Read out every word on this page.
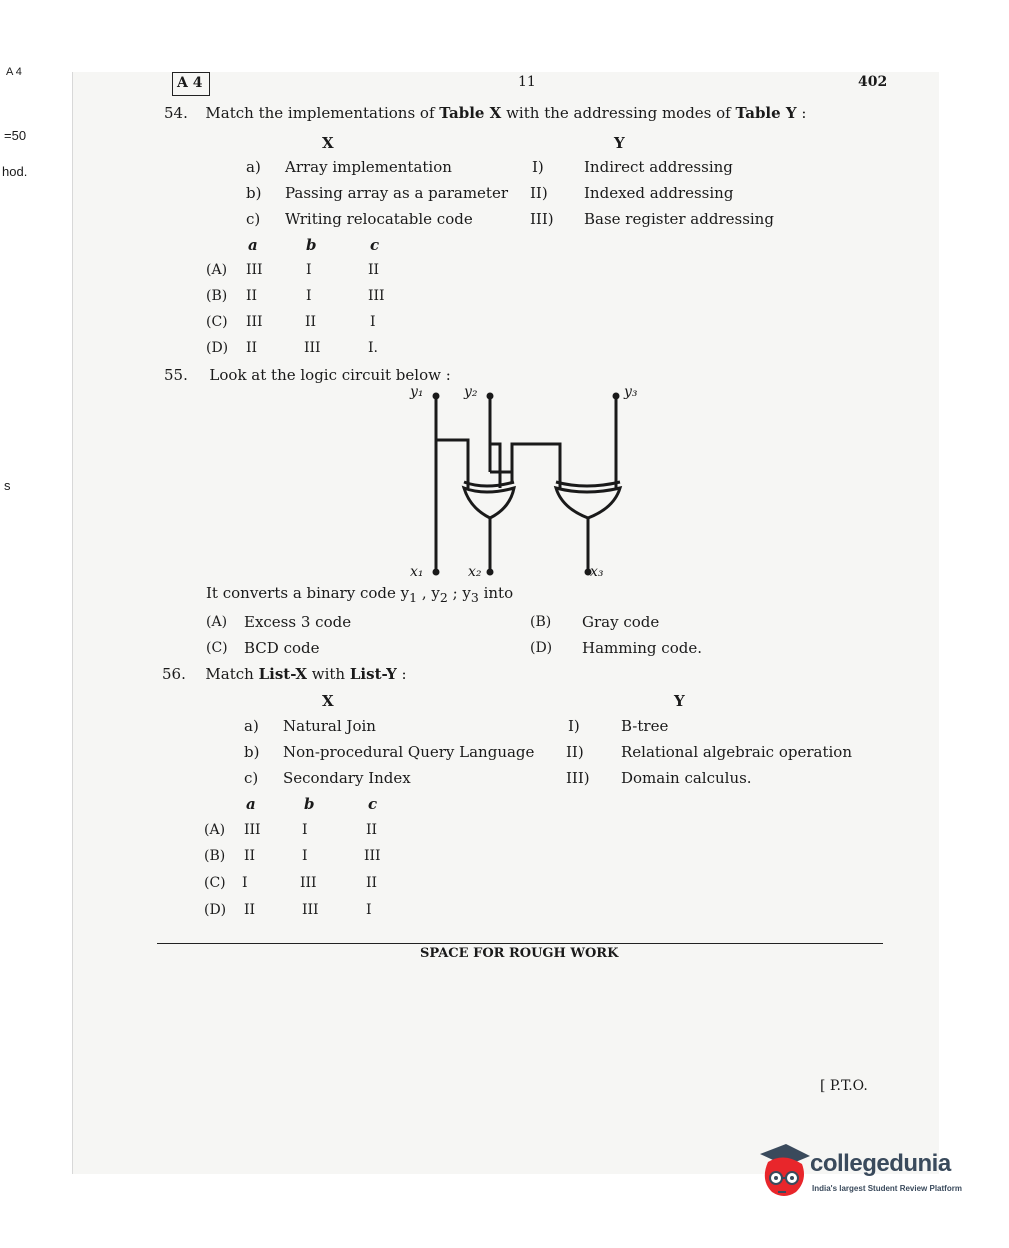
A 4
=50
hod.
s
A 4	11	402
54. Match the implementations of Table X with the addressing modes of Table Y :
X	Y
a) Array implementation	I)	Indirect addressing
b) Passing array as a parameter II) Indexed addressing
c) Writing relocatable code	III) Base register addressing
a	b	c
(A) III	I	II
(B) II	I	III
(C) III	II	I
(D) II	III	I.
55. Look at the logic circuit below :
y₁	y₂	y₃
x₁	x₂	x₃
It converts a binary code $y_1$ , $y_2$ ; $y_3$ into
(A) Excess 3 code	(B) Gray code
(C) BCD code	(D) Hamming code.
56. Match List-X with List-Y :
X	Y
a) Natural Join	I)	B-tree
b) Non-procedural Query Language II) Relational algebraic operation
c) Secondary Index	III) Domain calculus.
a	b	c
(A) III	I	II
(B) II	I	III
(C) I	III	II
(D) II	III	I
SPACE FOR ROUGH WORK
[ P.T.O.
collegedunia
India's largest Student Review Platform
